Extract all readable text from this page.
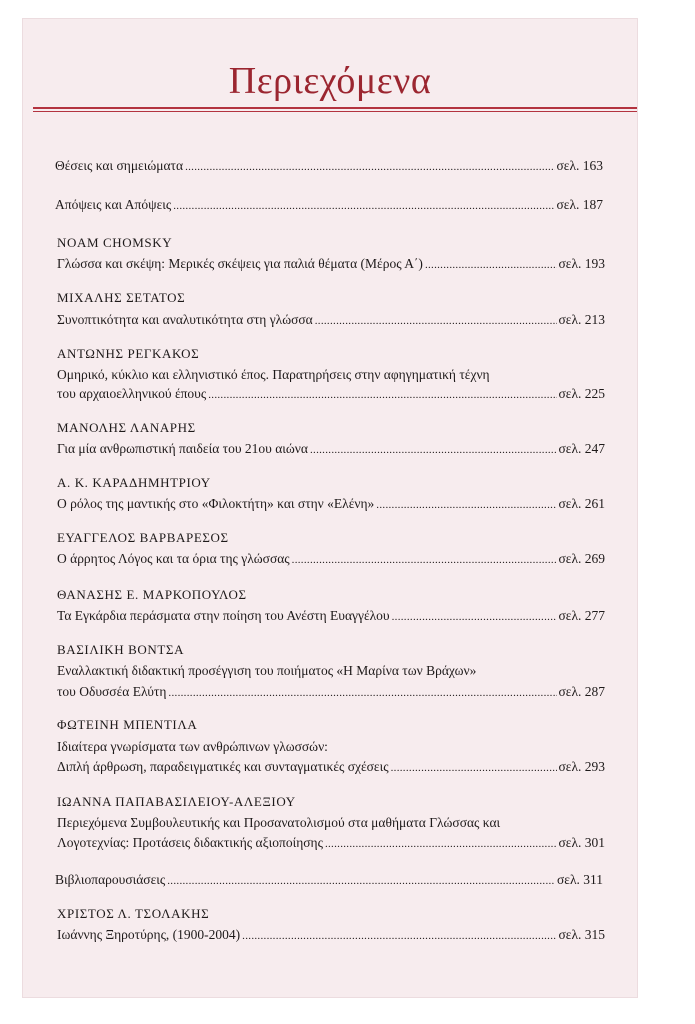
Περιεχόμενα
Θέσεις και σημειώματα .....	σελ. 163
Απόψεις και Απόψεις .....	σελ. 187
NOAM CHOMSKY
Γλώσσα και σκέψη: Μερικές σκέψεις για παλιά θέματα (Μέρος Α΄) .....	σελ. 193
ΜΙΧΑΛΗΣ ΣΕΤΑΤΟΣ
Συνοπτικότητα και αναλυτικότητα στη γλώσσα .....	σελ. 213
ΑΝΤΩΝΗΣ ΡΕΓΚΑΚΟΣ
Ομηρικό, κύκλιο και ελληνιστικό έπος. Παρατηρήσεις στην αφηγηματική τέχνη
του αρχαιοελληνικού έπους .....	σελ. 225
ΜΑΝΟΛΗΣ ΛΑΝΑΡΗΣ
Για μία ανθρωπιστική παιδεία του 21ου αιώνα .....	σελ. 247
Α. Κ. ΚΑΡΑΔΗΜΗΤΡΙΟΥ
Ο ρόλος της μαντικής στο «Φιλοκτήτη» και στην «Ελένη» .....	σελ. 261
ΕΥΑΓΓΕΛΟΣ ΒΑΡΒΑΡΕΣΟΣ
Ο άρρητος Λόγος και τα όρια της γλώσσας .....	σελ. 269
ΘΑΝΑΣΗΣ Ε. ΜΑΡΚΟΠΟΥΛΟΣ
Τα Εγκάρδια περάσματα στην ποίηση του Ανέστη Ευαγγέλου .....	σελ. 277
ΒΑΣΙΛΙΚΗ ΒΟΝΤΣΑ
Εναλλακτική διδακτική προσέγγιση του ποιήματος «Η Μαρίνα των Βράχων»
του Οδυσσέα Ελύτη .....	σελ. 287
ΦΩΤΕΙΝΗ ΜΠΕΝΤΙΛΑ
Ιδιαίτερα γνωρίσματα των ανθρώπινων γλωσσών:
Διπλή άρθρωση, παραδειγματικές και συνταγματικές σχέσεις .....	σελ. 293
ΙΩΑΝΝΑ ΠΑΠΑΒΑΣΙΛΕΙΟΥ-ΑΛΕΞΙΟΥ
Περιεχόμενα Συμβουλευτικής και Προσανατολισμού στα μαθήματα Γλώσσας και
Λογοτεχνίας: Προτάσεις διδακτικής αξιοποίησης .....	σελ. 301
Βιβλιοπαρουσιάσεις .....	σελ. 311
ΧΡΙΣΤΟΣ Λ. ΤΣΟΛΑΚΗΣ
Ιωάννης Ξηροτύρης, (1900-2004) .....	σελ. 315
